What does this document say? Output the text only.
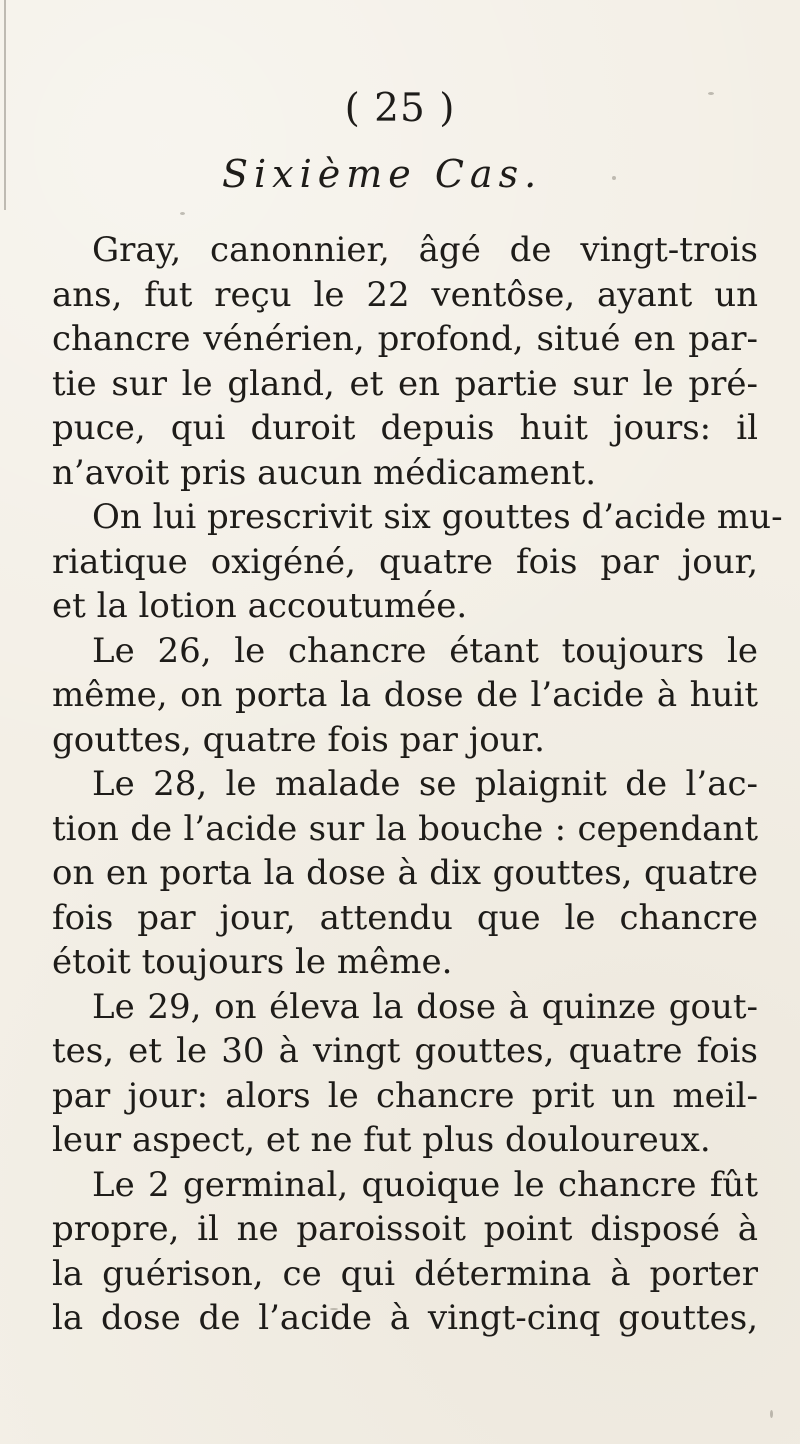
( 25 )
Sixième Cas.
Gray, canonnier, âgé de vingt-trois
ans, fut reçu le 22 ventôse, ayant un
chancre vénérien, profond, situé en par-
tie sur le gland, et en partie sur le pré-
puce, qui duroit depuis huit jours: il
n’avoit pris aucun médicament.
On lui prescrivit six gouttes d’acide mu-
riatique oxigéné, quatre fois par jour,
et la lotion accoutumée.
Le 26, le chancre étant toujours le
même, on porta la dose de l’acide à huit
gouttes, quatre fois par jour.
Le 28, le malade se plaignit de l’ac-
tion de l’acide sur la bouche : cependant
on en porta la dose à dix gouttes, quatre
fois par jour, attendu que le chancre
étoit toujours le même.
Le 29, on éleva la dose à quinze gout-
tes, et le 30 à vingt gouttes, quatre fois
par jour: alors le chancre prit un meil-
leur aspect, et ne fut plus douloureux.
Le 2 germinal, quoique le chancre fût
propre, il ne paroissoit point disposé à
la guérison, ce qui détermina à porter
la dose de l’acide à vingt-cinq gouttes,
